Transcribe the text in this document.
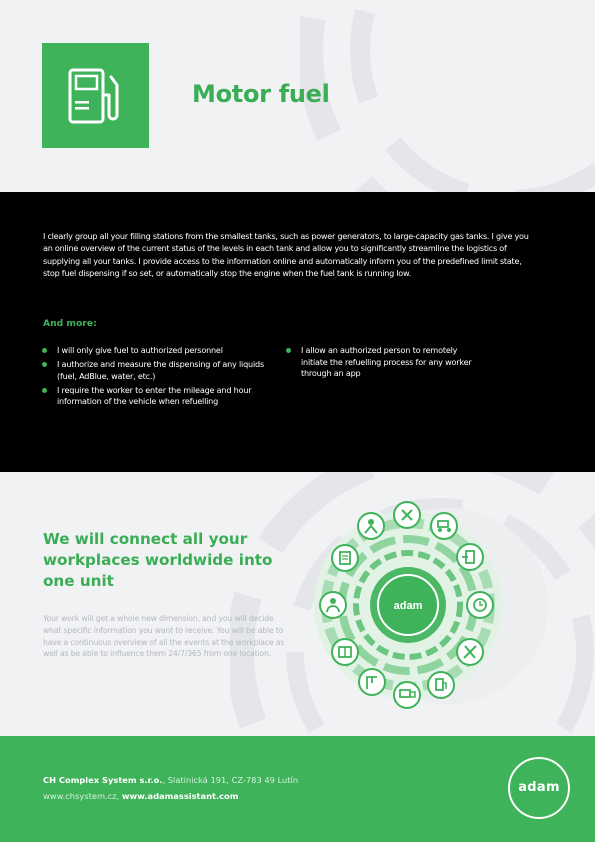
Motor fuel
I clearly group all your filling stations from the smallest tanks, such as power generators, to large-capacity gas tanks. I give you an online overview of the current status of the levels in each tank and allow you to significantly streamline the logistics of supplying all your tanks. I provide access to the information online and automatically inform you of the predefined limit state, stop fuel dispensing if so set, or automatically stop the engine when the fuel tank is running low.
And more:
I will only give fuel to authorized personnel
I authorize and measure the dispensing of any liquids (fuel, AdBlue, water, etc.)
I require the worker to enter the mileage and hour information of the vehicle when refuelling
I allow an authorized person to remotely initiate the refuelling process for any worker through an app
We will connect all your workplaces worldwide into one unit
Your work will get a whole new dimension, and you will decide what specific information you want to receive. You will be able to have a continuous overview of all the events at the workplace as well as be able to influence them 24/7/365 from one location.
adam
CH Complex System s.r.o., Slatinická 191, CZ-783 49 Lutín
www.chsystem.cz, www.adamassistant.com
adam
